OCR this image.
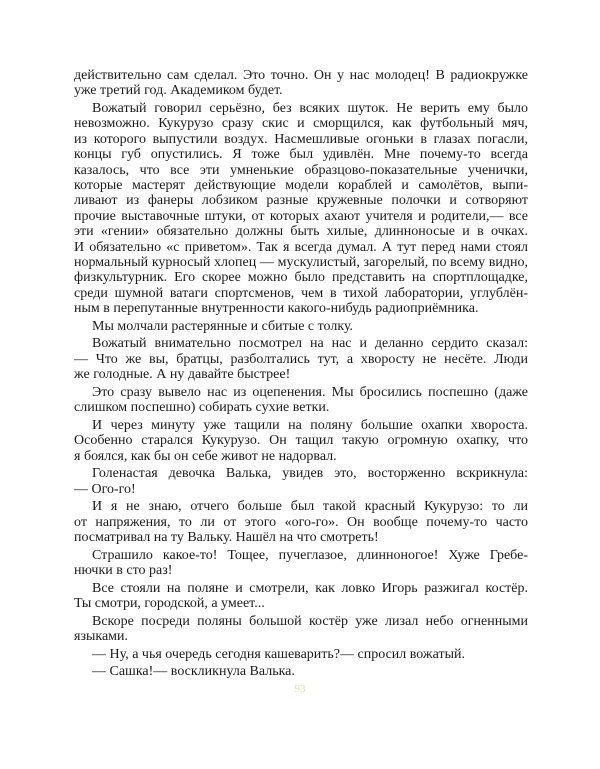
действительно сам сделал. Это точно. Он у нас молодец! В радиокружке
уже третий год. Академиком будет.
Вожатый говорил серьёзно, без всяких шуток. Не верить ему было
невозможно. Кукурузо сразу скис и сморщился, как футбольный мяч,
из которого выпустили воздух. Насмешливые огоньки в глазах погасли,
концы губ опустились. Я тоже был удивлён. Мне почему-то всегда
казалось, что все эти умненькие образцово-показательные ученички,
которые мастерят действующие модели кораблей и самолётов, выпи-
ливают из фанеры лобзиком разные кружевные полочки и сотворяют
прочие выставочные штуки, от которых ахают учителя и родители,— все
эти «гении» обязательно должны быть хилые, длинноносые и в очках.
И обязательно «с приветом». Так я всегда думал. А тут перед нами стоял
нормальный курносый хлопец — мускулистый, загорелый, по всему видно,
физкультурник. Его скорее можно было представить на спортплощадке,
среди шумной ватаги спортсменов, чем в тихой лаборатории, углублён-
ным в перепутанные внутренности какого-нибудь радиоприёмника.
Мы молчали растерянные и сбитые с толку.
Вожатый внимательно посмотрел на нас и деланно сердито сказал:
— Что же вы, братцы, разболтались тут, а хворосту не несёте. Люди
же голодные. А ну давайте быстрее!
Это сразу вывело нас из оцепенения. Мы бросились поспешно (даже
слишком поспешно) собирать сухие ветки.
И через минуту уже тащили на поляну большие охапки хвороста.
Особенно старался Кукурузо. Он тащил такую огромную охапку, что
я боялся, как бы он себе живот не надорвал.
Голенастая девочка Валька, увидев это, восторженно вскрикнула:
— Ого-го!
И я не знаю, отчего больше был такой красный Кукурузо: то ли
от напряжения, то ли от этого «ого-го». Он вообще почему-то часто
посматривал на ту Вальку. Нашёл на что смотреть!
Страшило какое-то! Тощее, пучеглазое, длинноногое! Хуже Гребе-
нючки в сто раз!
Все стояли на поляне и смотрели, как ловко Игорь разжигал костёр.
Ты смотри, городской, а умеет...
Вскоре посреди поляны большой костёр уже лизал небо огненными
языками.
— Ну, а чья очередь сегодня кашеварить?— спросил вожатый.
— Сашка!— воскликнула Валька.
93
